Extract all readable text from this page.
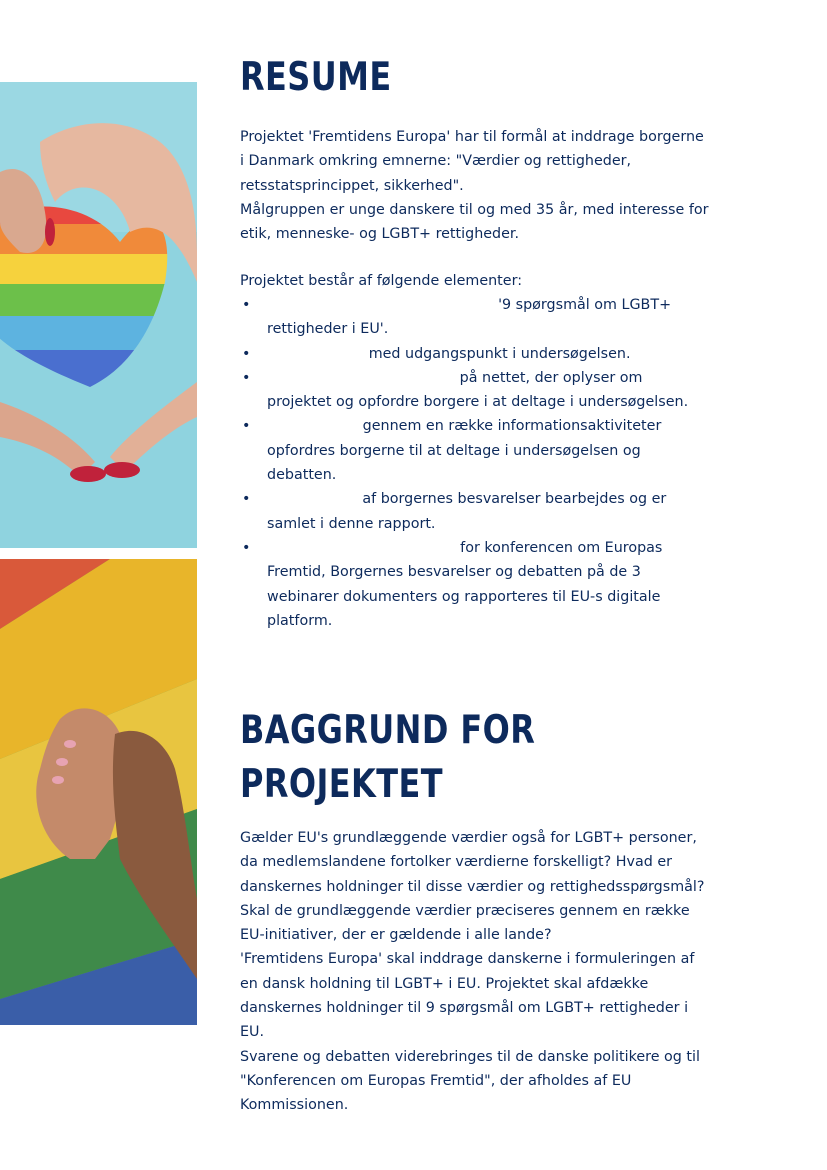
RESUME
Projektet 'Fremtidens Europa' har til formål at inddrage borgerne i Danmark omkring emnerne: "Værdier og rettigheder, retsstatsprincippet, sikkerhed".
Målgruppen er unge danskere til og med 35 år, med interesse for etik, menneske- og LGBT+ rettigheder.

Projektet består af følgende elementer:

• En digital undersøgelse med de '9 spørgsmål om LGBT+ rettigheder i EU'.
• Tre webinarer med udgangspunkt i undersøgelsen.
• En informationskampagne på nettet, der oplyser om projektet og opfordre borgere i at deltage i undersøgelsen.
• Mobilisering: gennem en række informationsaktiviteter opfordres borgerne til at deltage i undersøgelsen og debatten.
• Resultaterne af borgernes besvarelser bearbejdes og er samlet i denne rapport.
• Rapporten og resultaterne for konferencen om Europas Fremtid, Borgernes besvarelser og debatten på de 3 webinarer dokumenters og rapporteres til EU-s digitale platform.
BAGGRUND FOR PROJEKTET
Gælder EU's grundlæggende værdier også for LGBT+ personer, da medlemslandene fortolker værdierne forskelligt? Hvad er danskernes holdninger til disse værdier og rettighedsspørgsmål? Skal de grundlæggende værdier præciseres gennem en række EU-initiativer, der er gældende i alle lande?
'Fremtidens Europa' skal inddrage danskerne i formuleringen af en dansk holdning til LGBT+ i EU. Projektet skal afdække danskernes holdninger til 9 spørgsmål om LGBT+ rettigheder i EU.
Svarene og debatten viderebringes til de danske politikere og til "Konferencen om Europas Fremtid", der afholdes af EU Kommissionen.
